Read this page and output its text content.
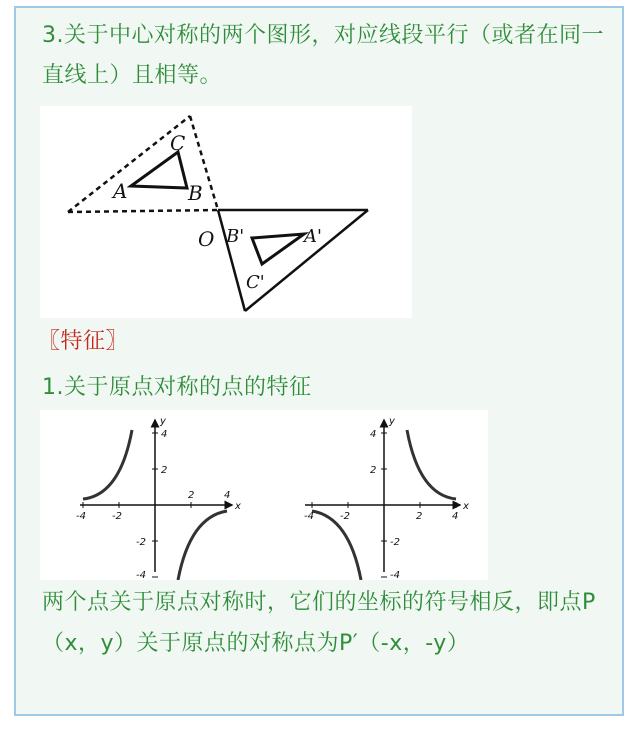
3.关于中心对称的两个图形，对应线段平行（或者在同一直线上）且相等。
A
C
B
O B'	A'
C'
〖特征〗
1.关于原点对称的点的特征
-4	-2
2	4
4
2
-2
-4
x
y
-4	-2	2	4
4
2
-2
-4
x
y
两个点关于原点对称时，它们的坐标的符号相反，即点P（x，y）关于原点的对称点为P′（-x，-y）
